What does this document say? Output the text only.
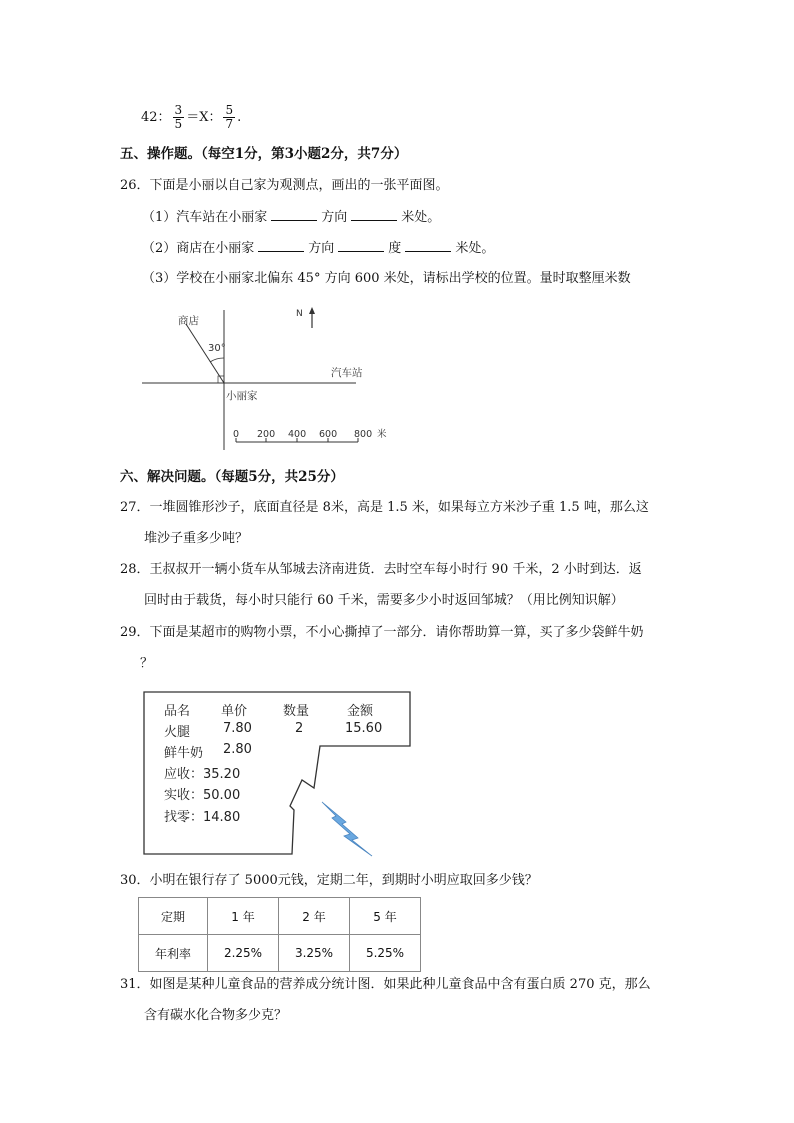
42： $\frac{3}{5} =X$： $\frac{5}{7}$ .
五、操作题。（每空1分，第3小题2分，共7分）
26．下面是小丽以自己家为观测点，画出的一张平面图。
（1）汽车站在小丽家	方向	米处。
（2）商店在小丽家	方向	度	米处。
（3）学校在小丽家北偏东 45° 方向 600 米处，请标出学校的位置。量时取整厘米数
N
商店
30°
汽车站
小丽家
0 200 400 600 800 米
六、解决问题。（每题5分，共25分）
27．一堆圆锥形沙子，底面直径是 8米，高是 1.5 米，如果每立方米沙子重 1.5 吨，那么这
堆沙子重多少吨？
28．王叔叔开一辆小货车从邹城去济南进货．去时空车每小时行 90 千米，2 小时到达．返
回时由于载货，每小时只能行 60 千米，需要多少小时返回邹城？（用比例知识解）
29．下面是某超市的购物小票，不小心撕掉了一部分．请你帮助算一算，买了多少袋鲜牛奶
？
品名 单价	数量	金额
火腿	7.80	2	15.60
鲜牛奶 2.80
应收：35.20
实收：50.00
找零：14.80
30．小明在银行存了 5000元钱，定期二年，到期时小明应取回多少钱？
定期	1 年	2 年	5 年
年利率	2.25%	3.25%	5.25%
31．如图是某种儿童食品的营养成分统计图．如果此种儿童食品中含有蛋白质 270 克，那么
含有碳水化合物多少克？
